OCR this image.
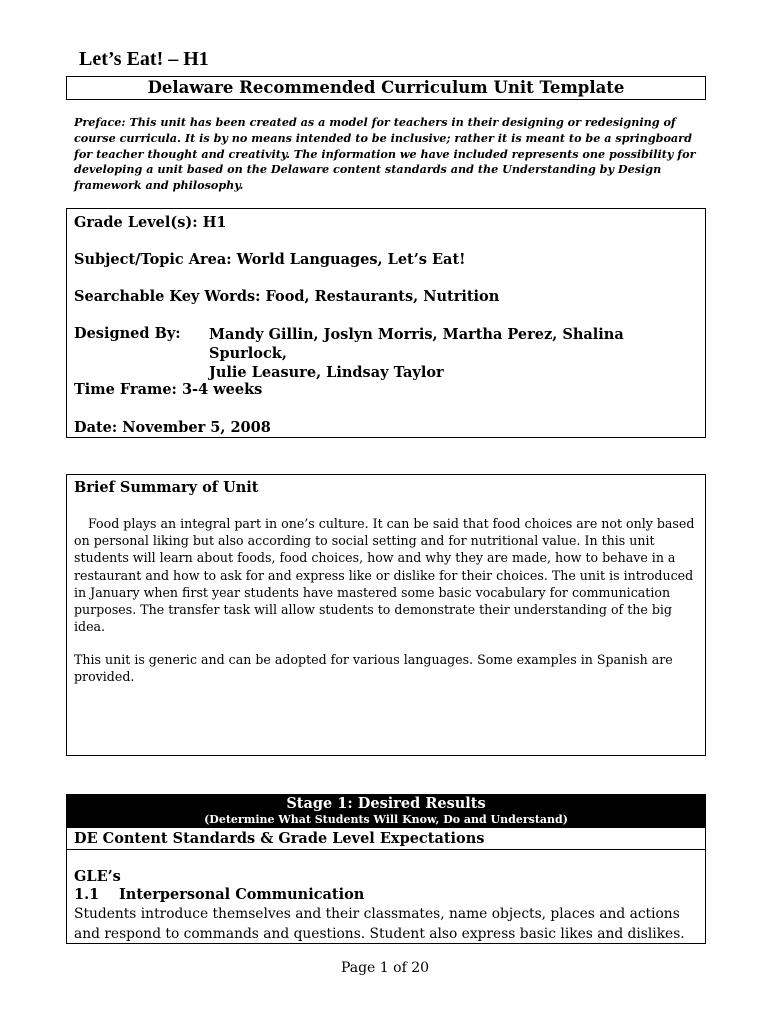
Let’s Eat! – H1
Delaware Recommended Curriculum Unit Template
Preface: This unit has been created as a model for teachers in their designing or redesigning of course curricula. It is by no means intended to be inclusive; rather it is meant to be a springboard for teacher thought and creativity. The information we have included represents one possibility for developing a unit based on the Delaware content standards and the Understanding by Design framework and philosophy.
Grade Level(s): H1
Subject/Topic Area: World Languages, Let’s Eat!
Searchable Key Words: Food, Restaurants, Nutrition
Designed By: Mandy Gillin, Joslyn Morris, Martha Perez, Shalina Spurlock,
Julie Leasure, Lindsay Taylor
Time Frame: 3-4 weeks
Date: November 5, 2008
Brief Summary of Unit
Food plays an integral part in one’s culture. It can be said that food choices are not only based on personal liking but also according to social setting and for nutritional value. In this unit students will learn about foods, food choices, how and why they are made, how to behave in a restaurant and how to ask for and express like or dislike for their choices. The unit is introduced in January when first year students have mastered some basic vocabulary for communication purposes. The transfer task will allow students to demonstrate their understanding of the big idea.
This unit is generic and can be adopted for various languages. Some examples in Spanish are provided.
Stage 1: Desired Results
(Determine What Students Will Know, Do and Understand)
DE Content Standards & Grade Level Expectations
GLE’s
1.1 Interpersonal Communication
Students introduce themselves and their classmates, name objects, places and actions and respond to commands and questions. Student also express basic likes and dislikes.
Page 1 of 20
